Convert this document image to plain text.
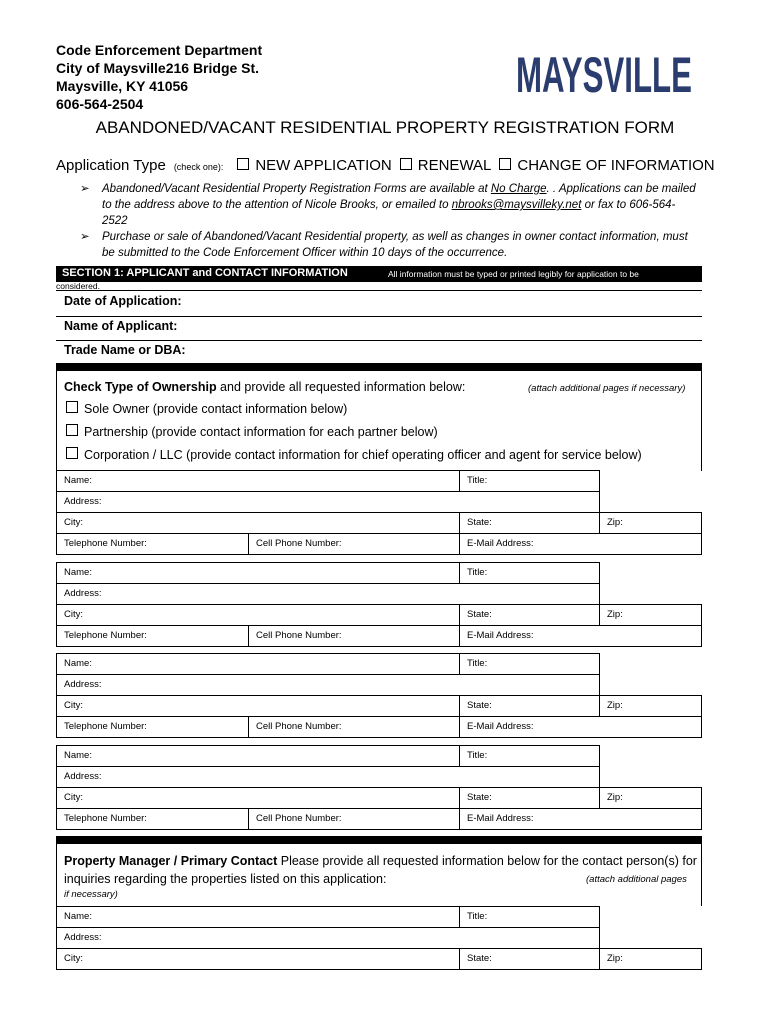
Code Enforcement Department
City of Maysville216 Bridge St.
Maysville, KY 41056
606-564-2504
MAYSVILLE
ABANDONED/VACANT RESIDENTIAL PROPERTY REGISTRATION FORM
Application Type (check one): NEW APPLICATION RENEWAL CHANGE OF INFORMATION
➢ Abandoned/Vacant Residential Property Registration Forms are available at No Charge. . Applications can be mailed to the address above to the attention of Nicole Brooks, or emailed to nbrooks@maysvilleky.net or fax to 606-564-2522
➢ Purchase or sale of Abandoned/Vacant Residential property, as well as changes in owner contact information, must be submitted to the Code Enforcement Officer within 10 days of the occurrence.
SECTION 1: APPLICANT and CONTACT INFORMATION	All information must be typed or printed legibly for application to be
considered.
Date of Application:
Name of Applicant:
Trade Name or DBA:
Check Type of Ownership and provide all requested information below:	(attach additional pages if necessary)
Sole Owner (provide contact information below)
Partnership (provide contact information for each partner below)
Corporation / LLC (provide contact information for chief operating officer and agent for service below)
Name:		Title:	
Address:			
City:		State:	Zip:
Telephone Number:	Cell Phone Number:	E-Mail Address:	
Name:		Title:	
Address:			
City:		State:	Zip:
Telephone Number:	Cell Phone Number:	E-Mail Address:	
Name:		Title:	
Address:			
City:		State:	Zip:
Telephone Number:	Cell Phone Number:	E-Mail Address:	
Name:		Title:	
Address:			
City:		State:	Zip:
Telephone Number:	Cell Phone Number:	E-Mail Address:	
Property Manager / Primary Contact Please provide all requested information below for the contact person(s) for inquiries regarding the properties listed on this application:	(attach additional pages
if necessary)
Name:	Title:	
Address:		
City:	State:	Zip:
